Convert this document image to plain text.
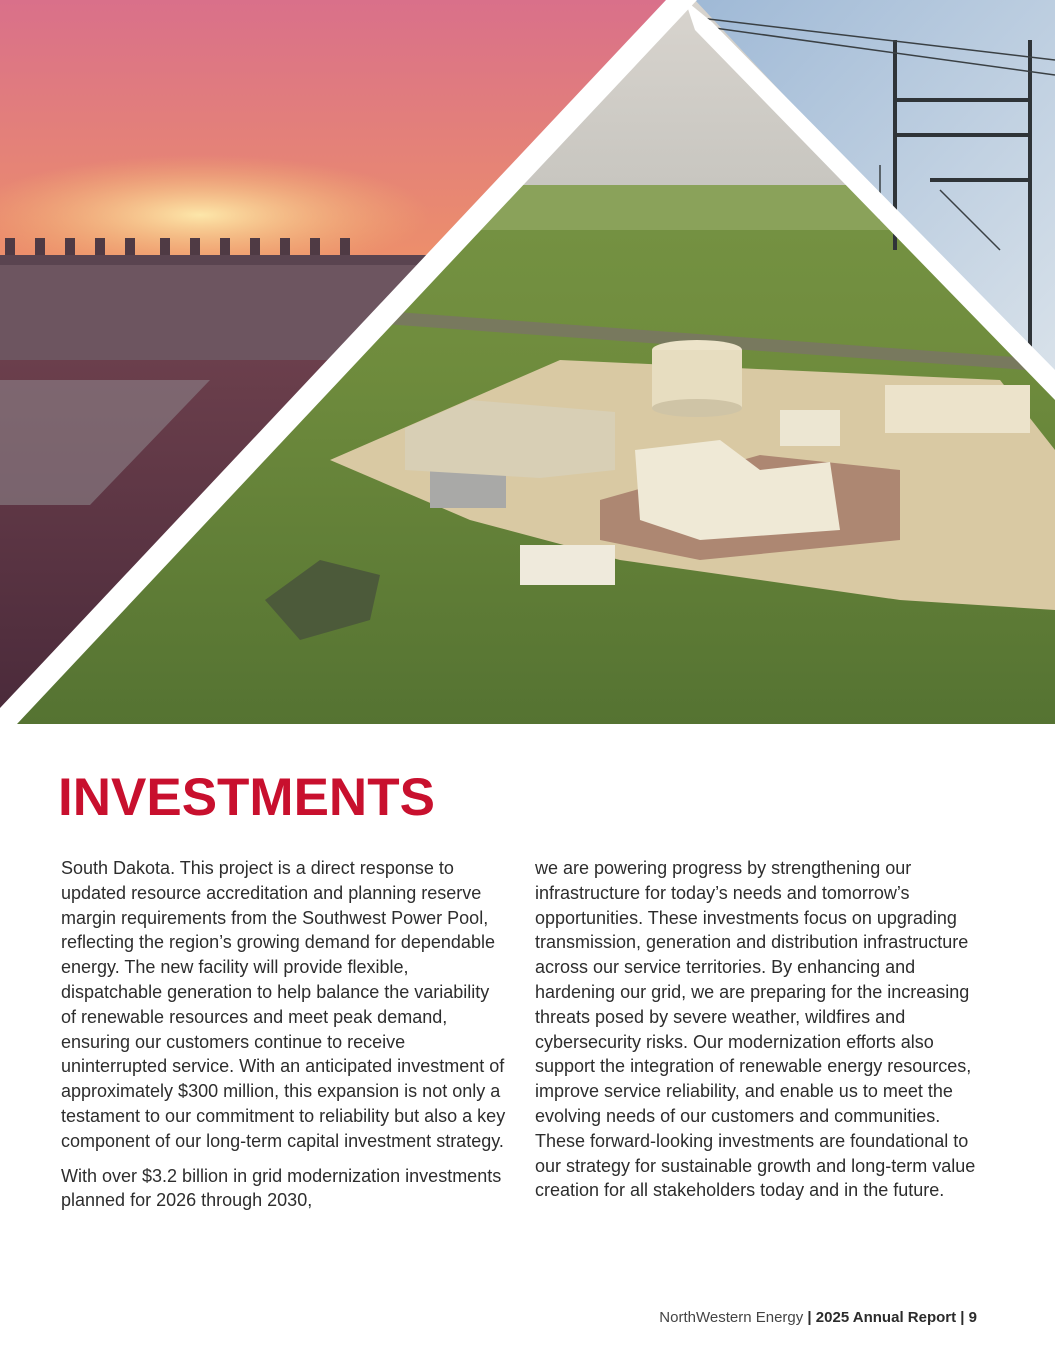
INVESTMENTS

South Dakota. This project is a direct response to updated resource accreditation and planning reserve margin requirements from the Southwest Power Pool, reflecting the region’s growing demand for dependable energy. The new facility will provide flexible, dispatchable generation to help balance the variability of renewable resources and meet peak demand, ensuring our customers continue to receive uninterrupted service. With an anticipated investment of approximately $300 million, this expansion is not only a testament to our commitment to reliability but also a key component of our long-term capital investment strategy.

With over $3.2 billion in grid modernization investments planned for 2026 through 2030,

we are powering progress by strengthening our infrastructure for today’s needs and tomorrow’s opportunities. These investments focus on upgrading transmission, generation and distribution infrastructure across our service territories. By enhancing and hardening our grid, we are preparing for the increasing threats posed by severe weather, wildfires and cybersecurity risks. Our modernization efforts also support the integration of renewable energy resources, improve service reliability, and enable us to meet the evolving needs of our customers and communities. These forward-looking investments are foundational to our strategy for sustainable growth and long-term value creation for all stakeholders today and in the future.

NorthWestern Energy | 2025 Annual Report | 9
